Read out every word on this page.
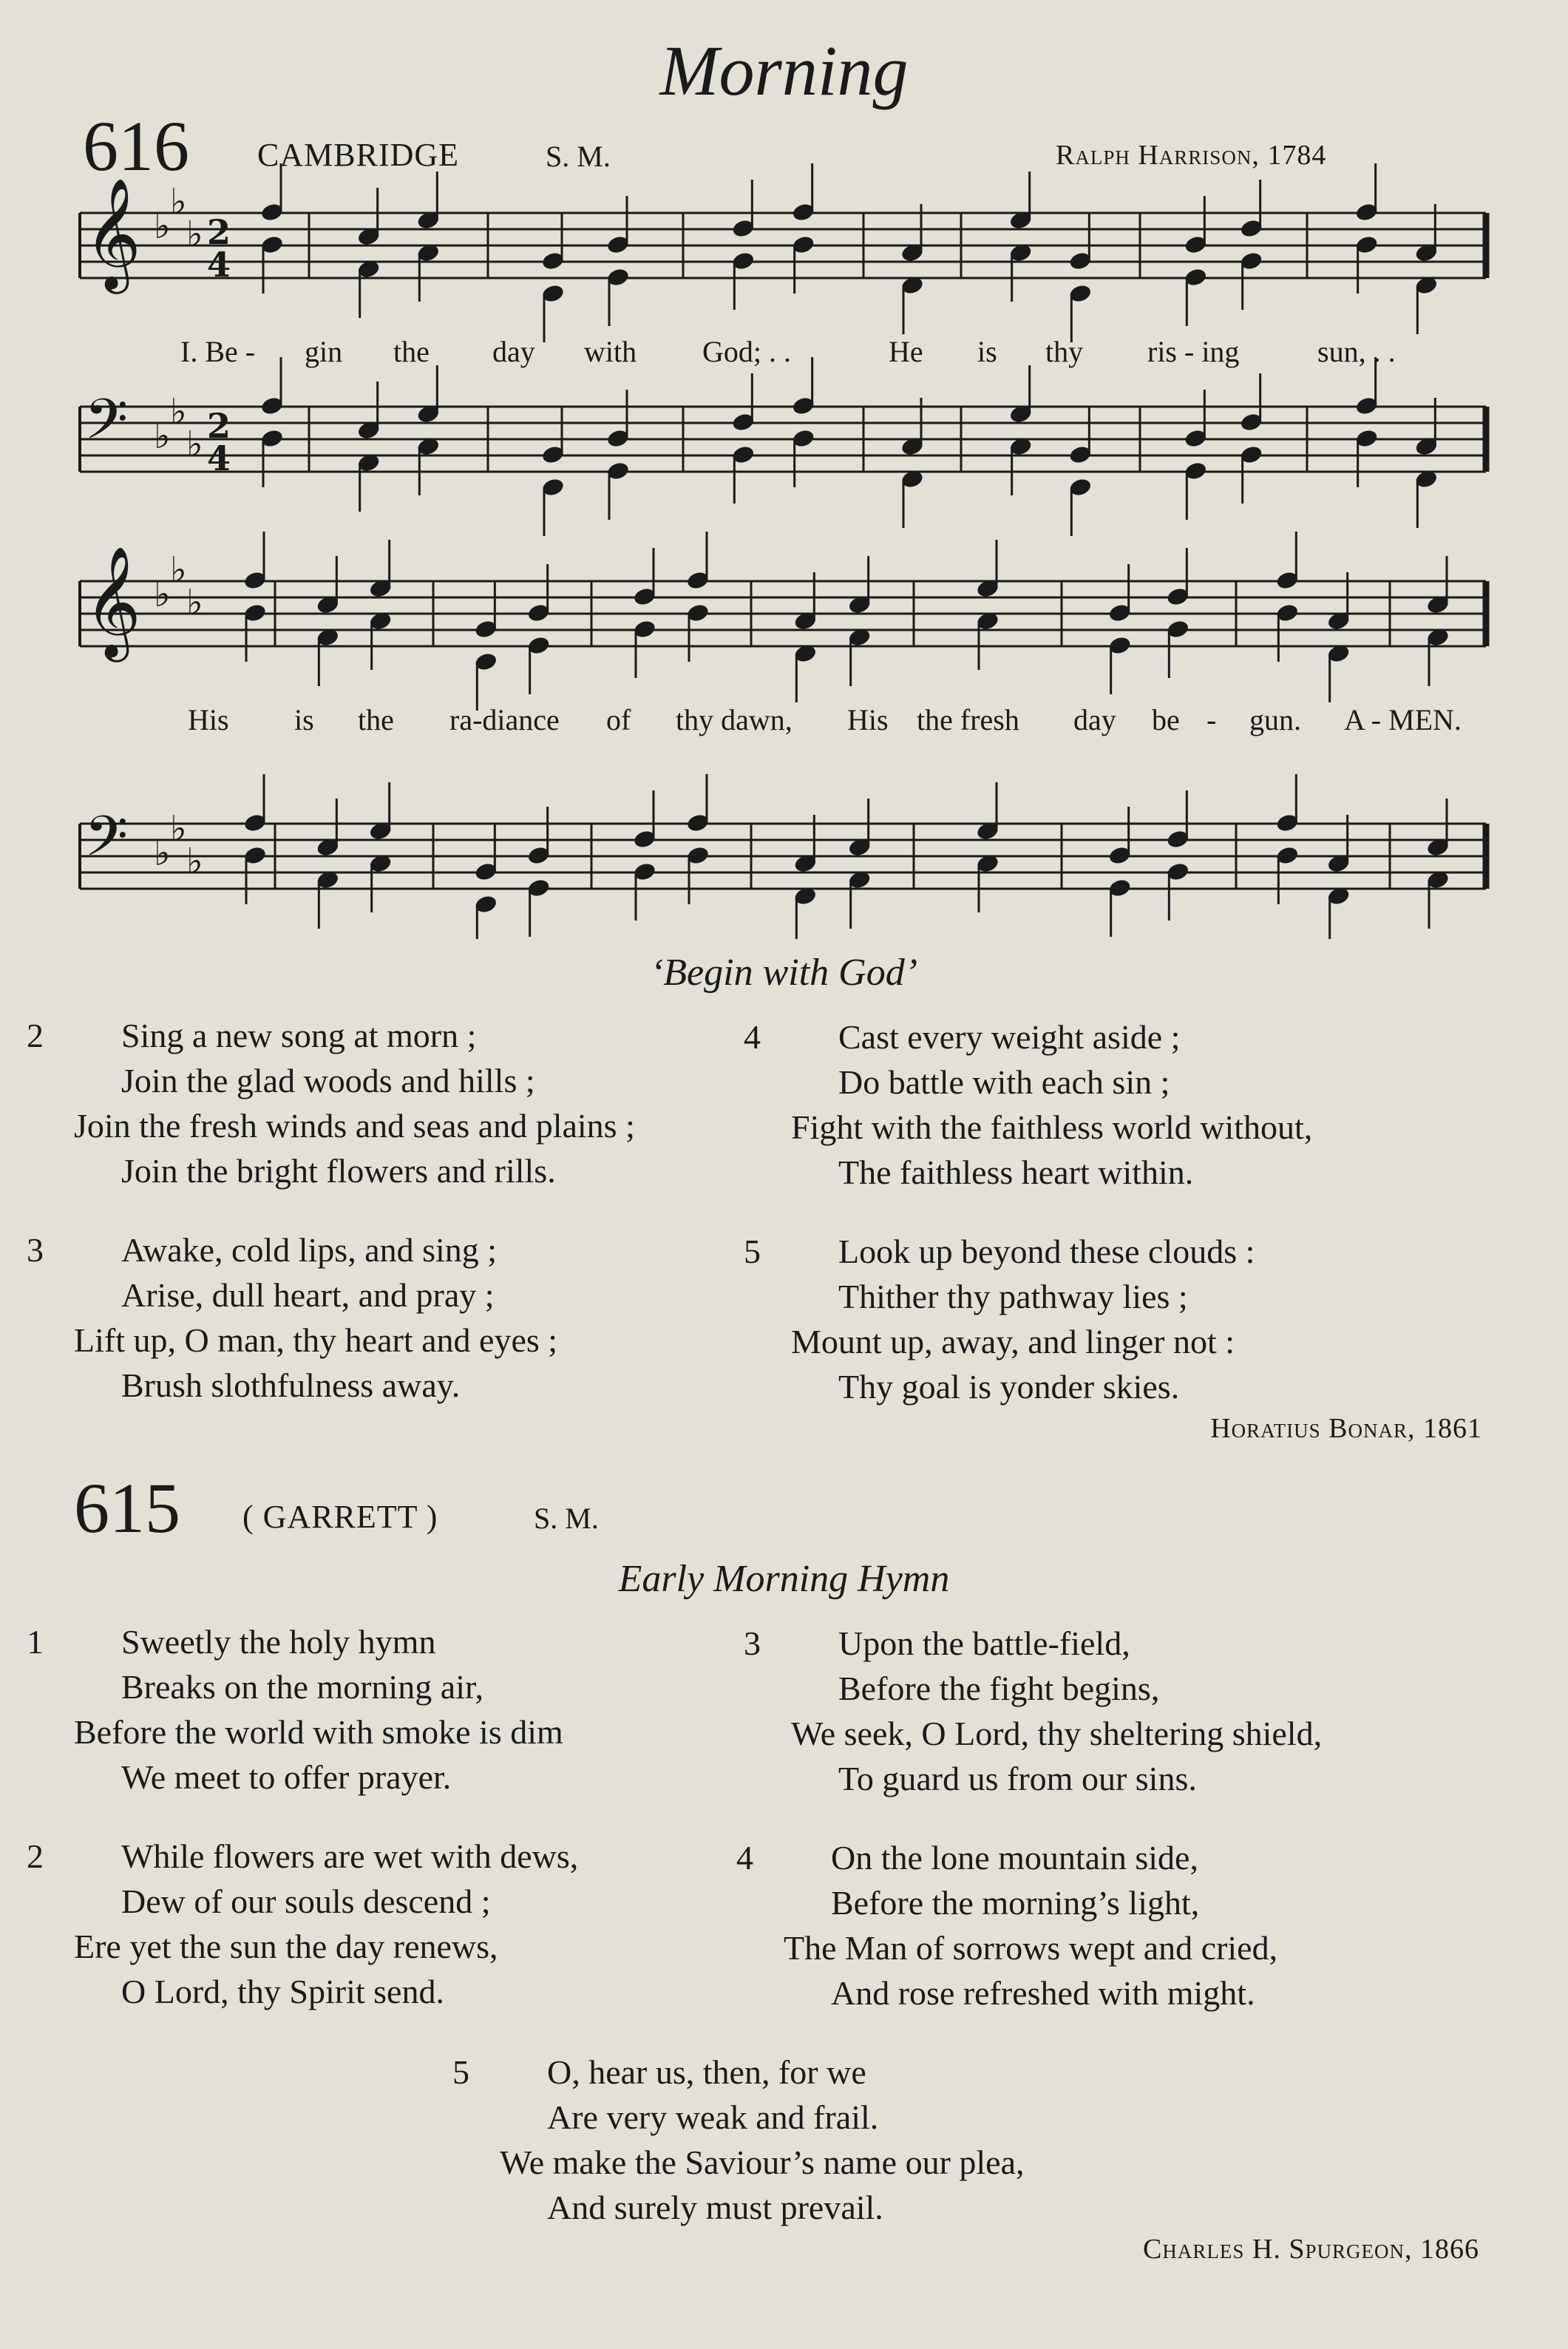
Morning
616 CAMBRIDGE	S. M.	Ralph Harrison, 1784
𝄞 ♭
♭
♭ 2
4
𝄢 ♭
♭
♭ 2
4
𝄞 ♭
♭
♭
𝄢 ♭
♭
♭
I. Be - gin the day with God; . .	He is thy ris - ing	sun, . .
His is the ra-diance of thy dawn, His the fresh day be - gun. A - MEN.
‘Begin with God’
2 Sing a new song at morn ;
Join the glad woods and hills ;
Join the fresh winds and seas and plains ;
Join the bright flowers and rills.
3 Awake, cold lips, and sing ;
Arise, dull heart, and pray ;
Lift up, O man, thy heart and eyes ;
Brush slothfulness away.
4 Cast every weight aside ;
Do battle with each sin ;
Fight with the faithless world without,
The faithless heart within.
5 Look up beyond these clouds :
Thither thy pathway lies ;
Mount up, away, and linger not :
Thy goal is yonder skies.
Horatius Bonar, 1861
615 ( GARRETT )	S. M.
Early Morning Hymn
1 Sweetly the holy hymn
Breaks on the morning air,
Before the world with smoke is dim
We meet to offer prayer.
2 While flowers are wet with dews,
Dew of our souls descend ;
Ere yet the sun the day renews,
O Lord, thy Spirit send.
3 Upon the battle-field,
Before the fight begins,
We seek, O Lord, thy sheltering shield,
To guard us from our sins.
4 On the lone mountain side,
Before the morning’s light,
The Man of sorrows wept and cried,
And rose refreshed with might.
5 O, hear us, then, for we
Are very weak and frail.
We make the Saviour’s name our plea,
And surely must prevail.
Charles H. Spurgeon, 1866
